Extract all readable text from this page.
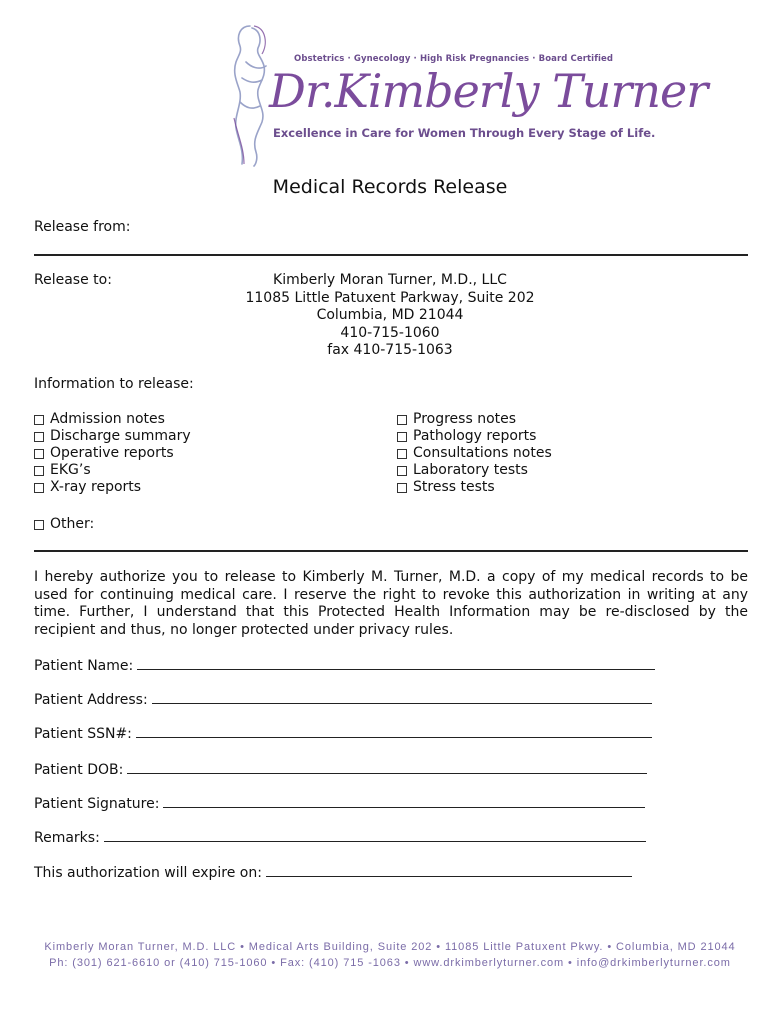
Obstetrics · Gynecology · High Risk Pregnancies · Board Certified
Dr.Kimberly Turner
Excellence in Care for Women Through Every Stage of Life.
Medical Records Release
Release from:
Release to:	Kimberly Moran Turner, M.D., LLC
11085 Little Patuxent Parkway, Suite 202
Columbia, MD 21044
410-715-1060
fax 410-715-1063
Information to release:
Admission notes
Discharge summary
Operative reports
EKG’s
X-ray reports
Progress notes
Pathology reports
Consultations notes
Laboratory tests
Stress tests
Other:
I hereby authorize you to release to Kimberly M. Turner, M.D. a copy of my medical records to be used for continuing medical care. I reserve the right to revoke this authorization in writing at any time. Further, I understand that this Protected Health Information may be re-disclosed by the recipient and thus, no longer protected under privacy rules.
Patient Name:
Patient Address:
Patient SSN#:
Patient DOB:
Patient Signature:
Remarks:
This authorization will expire on:
Kimberly Moran Turner, M.D. LLC • Medical Arts Building, Suite 202 • 11085 Little Patuxent Pkwy. • Columbia, MD 21044
Ph: (301) 621-6610 or (410) 715-1060 • Fax: (410) 715 -1063 • www.drkimberlyturner.com • info@drkimberlyturner.com
